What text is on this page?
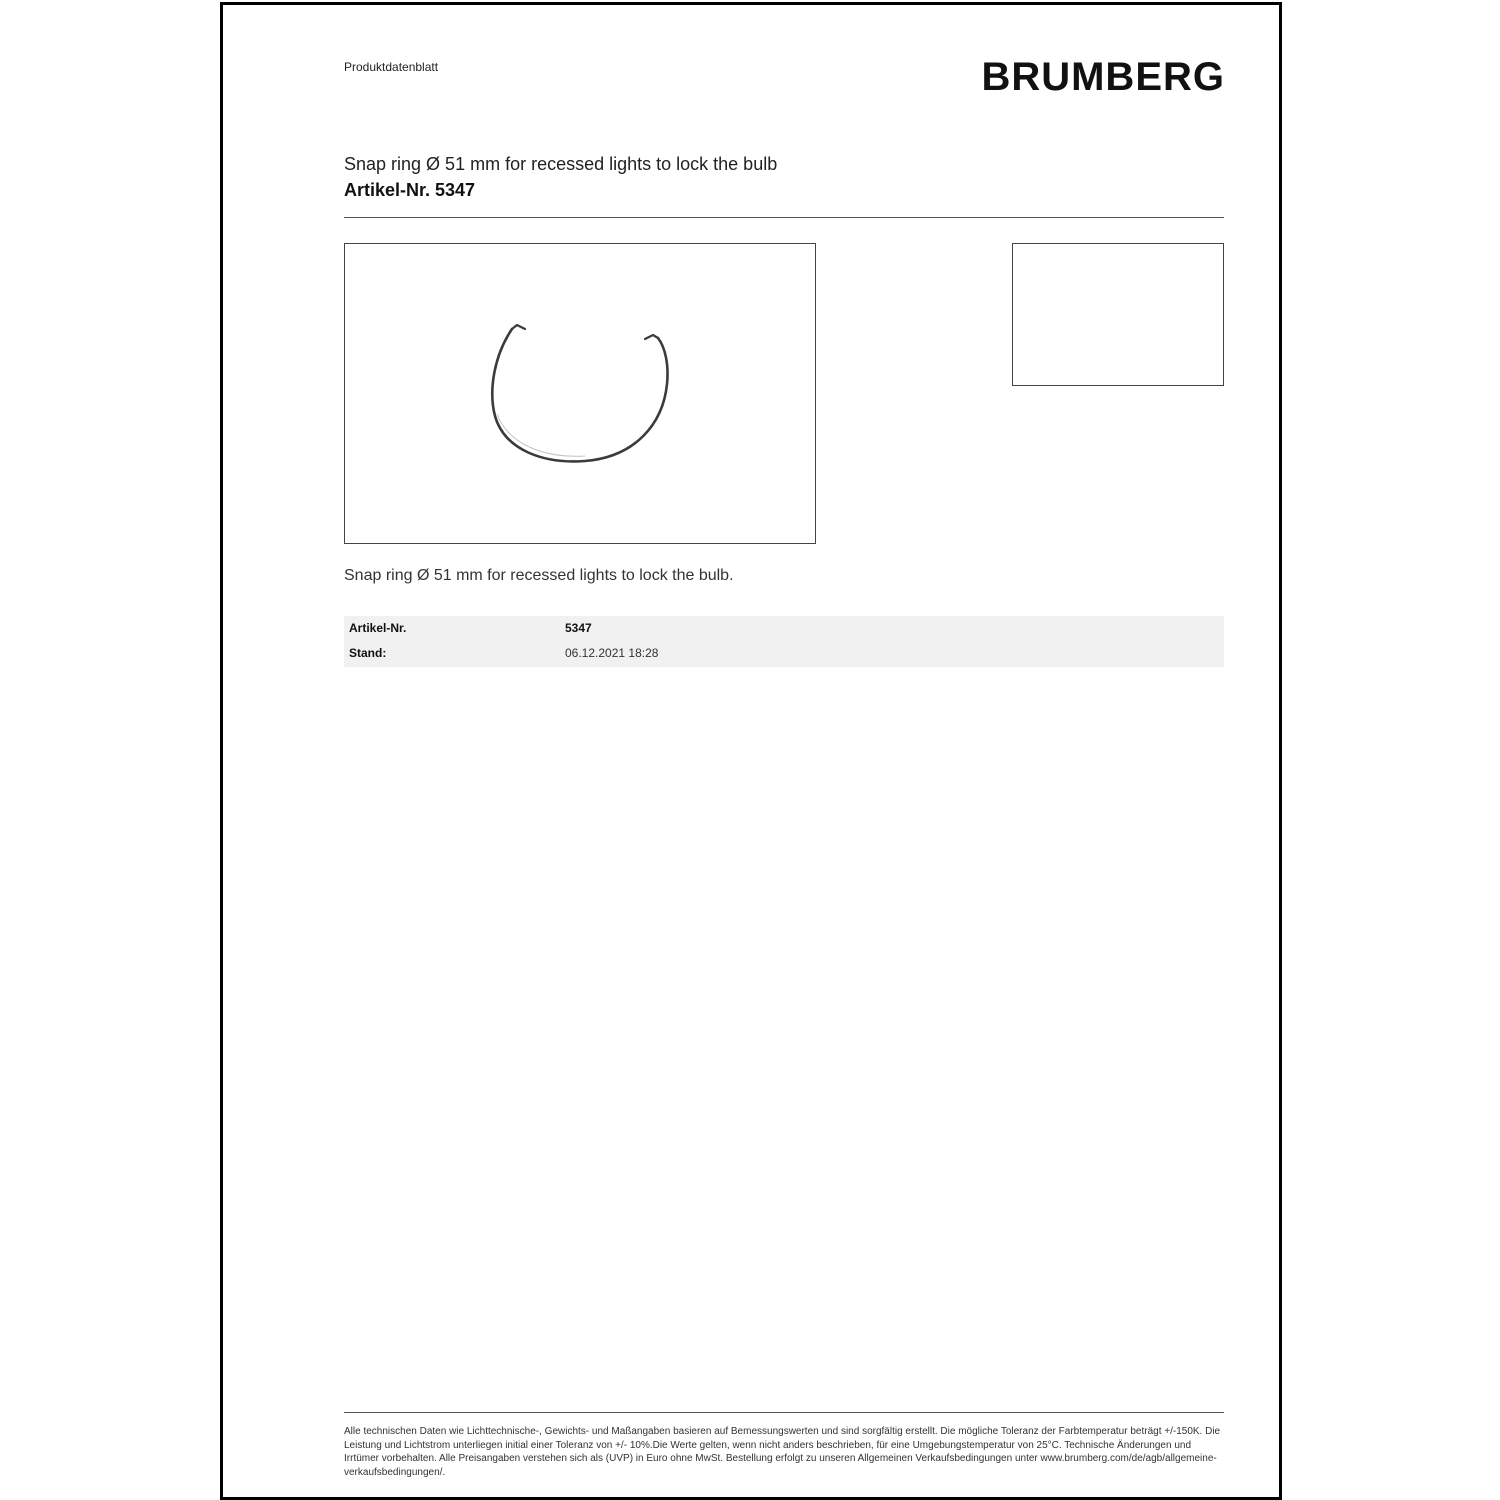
Produktdatenblatt	BRUMBERG
Snap ring Ø 51 mm for recessed lights to lock the bulb
Artikel-Nr. 5347
Snap ring Ø 51 mm for recessed lights to lock the bulb.
Artikel-Nr.	5347
Stand:	06.12.2021 18:28
Alle technischen Daten wie Lichttechnische-, Gewichts- und Maßangaben basieren auf Bemessungswerten und sind sorgfältig erstellt. Die mögliche Toleranz der Farbtemperatur beträgt +/-150K. Die Leistung und Lichtstrom unterliegen initial einer Toleranz von +/- 10%.Die Werte gelten, wenn nicht anders beschrieben, für eine Umgebungstemperatur von 25°C. Technische Änderungen und Irrtümer vorbehalten. Alle Preisangaben verstehen sich als (UVP) in Euro ohne MwSt. Bestellung erfolgt zu unseren Allgemeinen Verkaufsbedingungen unter www.brumberg.com/de/agb/allgemeine-verkaufsbedingungen/.
